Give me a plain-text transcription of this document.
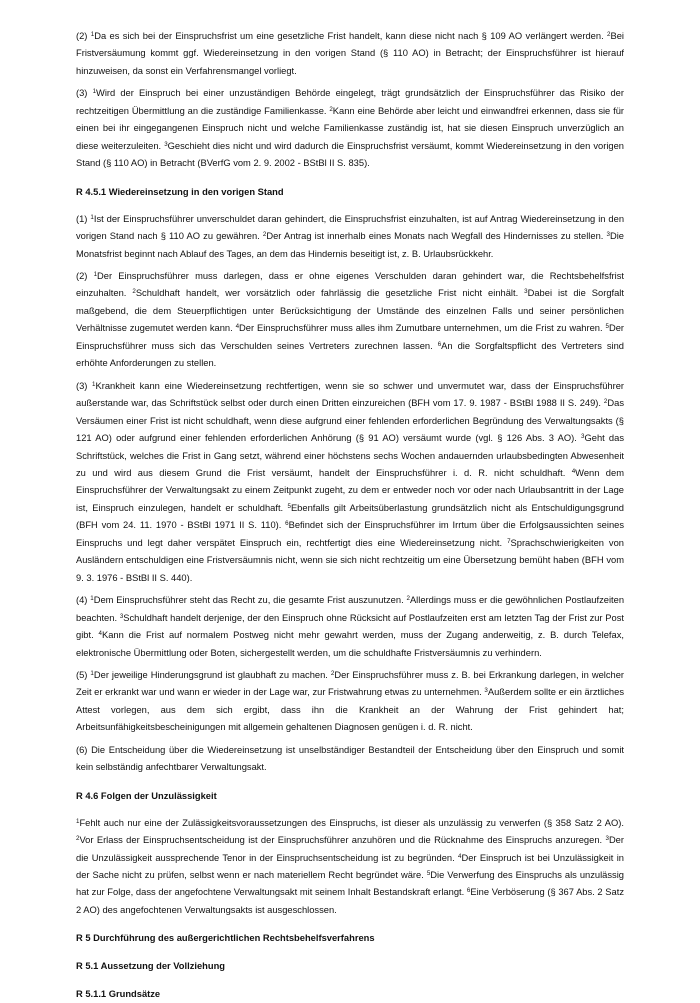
(2) $^1$Da es sich bei der Einspruchsfrist um eine gesetzliche Frist handelt, kann diese nicht nach § 109 AO verlängert werden. $^2$Bei Fristversäumung kommt ggf. Wiedereinsetzung in den vorigen Stand (§ 110 AO) in Betracht; der Einspruchsführer ist hierauf hinzuweisen, da sonst ein Verfahrensmangel vorliegt.

(3) $^1$Wird der Einspruch bei einer unzuständigen Behörde eingelegt, trägt grundsätzlich der Einspruchsführer das Risiko der rechtzeitigen Übermittlung an die zuständige Familienkasse. $^2$Kann eine Behörde aber leicht und einwandfrei erkennen, dass sie für einen bei ihr eingegangenen Einspruch nicht und welche Familienkasse zuständig ist, hat sie diesen Einspruch unverzüglich an diese weiterzuleiten. $^3$Geschieht dies nicht und wird dadurch die Einspruchsfrist versäumt, kommt Wiedereinsetzung in den vorigen Stand (§ 110 AO) in Betracht (BVerfG vom 2. 9. 2002 - BStBl II S. 835).

R 4.5.1 Wiedereinsetzung in den vorigen Stand

(1) $^1$Ist der Einspruchsführer unverschuldet daran gehindert, die Einspruchsfrist einzuhalten, ist auf Antrag Wiedereinsetzung in den vorigen Stand nach § 110 AO zu gewähren. $^2$Der Antrag ist innerhalb eines Monats nach Wegfall des Hindernisses zu stellen. $^3$Die Monatsfrist beginnt nach Ablauf des Tages, an dem das Hindernis beseitigt ist, z. B. Urlaubsrückkehr.

(2) $^1$Der Einspruchsführer muss darlegen, dass er ohne eigenes Verschulden daran gehindert war, die Rechtsbehelfsfrist einzuhalten. $^2$Schuldhaft handelt, wer vorsätzlich oder fahrlässig die gesetzliche Frist nicht einhält. $^3$Dabei ist die Sorgfalt maßgebend, die dem Steuerpflichtigen unter Berücksichtigung der Umstände des einzelnen Falls und seiner persönlichen Verhältnisse zugemutet werden kann. $^4$Der Einspruchsführer muss alles ihm Zumutbare unternehmen, um die Frist zu wahren. $^5$Der Einspruchsführer muss sich das Verschulden seines Vertreters zurechnen lassen. $^6$An die Sorgfaltspflicht des Vertreters sind erhöhte Anforderungen zu stellen.

(3) $^1$Krankheit kann eine Wiedereinsetzung rechtfertigen, wenn sie so schwer und unvermutet war, dass der Einspruchsführer außerstande war, das Schriftstück selbst oder durch einen Dritten einzureichen (BFH vom 17. 9. 1987 - BStBl 1988 II S. 249). $^2$Das Versäumen einer Frist ist nicht schuldhaft, wenn diese aufgrund einer fehlenden erforderlichen Begründung des Verwaltungsakts (§ 121 AO) oder aufgrund einer fehlenden erforderlichen Anhörung (§ 91 AO) versäumt wurde (vgl. § 126 Abs. 3 AO). $^3$Geht das Schriftstück, welches die Frist in Gang setzt, während einer höchstens sechs Wochen andauernden urlaubsbedingten Abwesenheit zu und wird aus diesem Grund die Frist versäumt, handelt der Einspruchsführer i. d. R. nicht schuldhaft. $^4$Wenn dem Einspruchsführer der Verwaltungsakt zu einem Zeitpunkt zugeht, zu dem er entweder noch vor oder nach Urlaubsantritt in der Lage ist, Einspruch einzulegen, handelt er schuldhaft. $^5$Ebenfalls gilt Arbeitsüberlastung grundsätzlich nicht als Entschuldigungsgrund (BFH vom 24. 11. 1970 - BStBl 1971 II S. 110). $^6$Befindet sich der Einspruchsführer im Irrtum über die Erfolgsaussichten seines Einspruchs und legt daher verspätet Einspruch ein, rechtfertigt dies eine Wiedereinsetzung nicht. $^7$Sprachschwierigkeiten von Ausländern entschuldigen eine Fristversäumnis nicht, wenn sie sich nicht rechtzeitig um eine Übersetzung bemüht haben (BFH vom 9. 3. 1976 - BStBl II S. 440).

(4) $^1$Dem Einspruchsführer steht das Recht zu, die gesamte Frist auszunutzen. $^2$Allerdings muss er die gewöhnlichen Postlaufzeiten beachten. $^3$Schuldhaft handelt derjenige, der den Einspruch ohne Rücksicht auf Postlaufzeiten erst am letzten Tag der Frist zur Post gibt. $^4$Kann die Frist auf normalem Postweg nicht mehr gewahrt werden, muss der Zugang anderweitig, z. B. durch Telefax, elektronische Übermittlung oder Boten, sichergestellt werden, um die schuldhafte Fristversäumnis zu verhindern.

(5) $^1$Der jeweilige Hinderungsgrund ist glaubhaft zu machen. $^2$Der Einspruchsführer muss z. B. bei Erkrankung darlegen, in welcher Zeit er erkrankt war und wann er wieder in der Lage war, zur Fristwahrung etwas zu unternehmen. $^3$Außerdem sollte er ein ärztliches Attest vorlegen, aus dem sich ergibt, dass ihn die Krankheit an der Wahrung der Frist gehindert hat; Arbeitsunfähigkeitsbescheinigungen mit allgemein gehaltenen Diagnosen genügen i. d. R. nicht.

(6) Die Entscheidung über die Wiedereinsetzung ist unselbständiger Bestandteil der Entscheidung über den Einspruch und somit kein selbständig anfechtbarer Verwaltungsakt.

R 4.6 Folgen der Unzulässigkeit

$^1$Fehlt auch nur eine der Zulässigkeitsvoraussetzungen des Einspruchs, ist dieser als unzulässig zu verwerfen (§ 358 Satz 2 AO). $^2$Vor Erlass der Einspruchsentscheidung ist der Einspruchsführer anzuhören und die Rücknahme des Einspruchs anzuregen. $^3$Der die Unzulässigkeit aussprechende Tenor in der Einspruchsentscheidung ist zu begründen. $^4$Der Einspruch ist bei Unzulässigkeit in der Sache nicht zu prüfen, selbst wenn er nach materiellem Recht begründet wäre. $^5$Die Verwerfung des Einspruchs als unzulässig hat zur Folge, dass der angefochtene Verwaltungsakt mit seinem Inhalt Bestandskraft erlangt. $^6$Eine Verböserung (§ 367 Abs. 2 Satz 2 AO) des angefochtenen Verwaltungsakts ist ausgeschlossen.

R 5 Durchführung des außergerichtlichen Rechtsbehelfsverfahrens
R 5.1 Aussetzung der Vollziehung
R 5.1.1 Grundsätze
